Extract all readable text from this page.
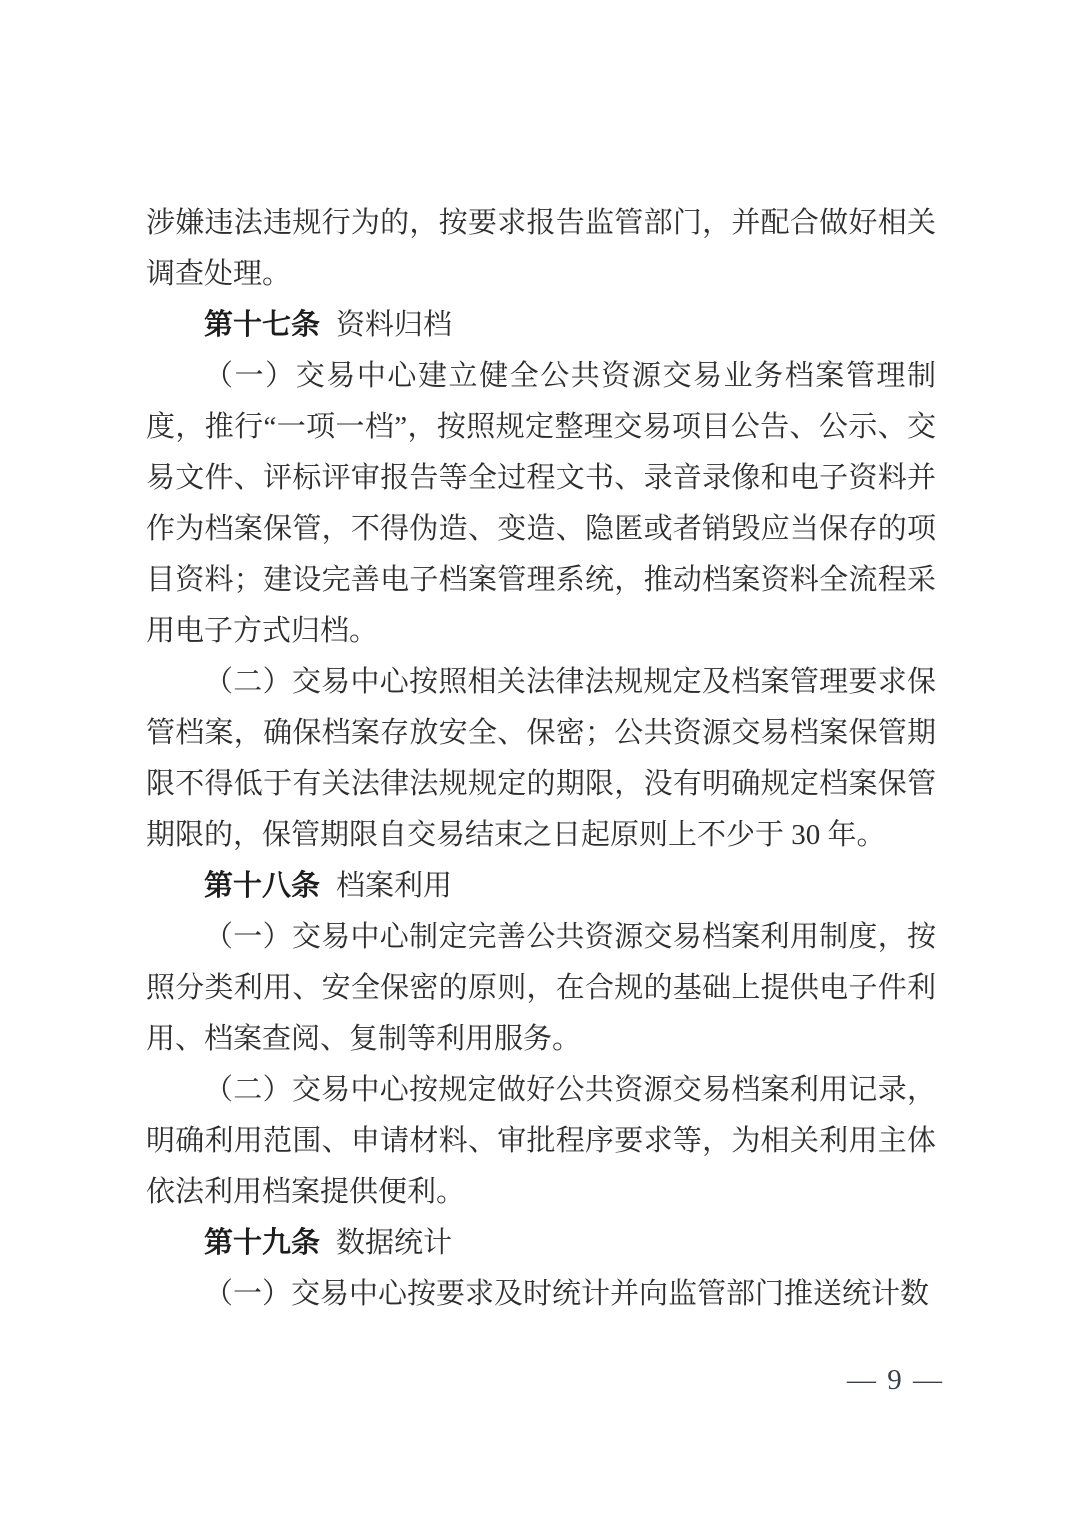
涉嫌违法违规行为的，按要求报告监管部门，并配合做好相关调查处理。

第十七条 资料归档

（一）交易中心建立健全公共资源交易业务档案管理制度，推行“一项一档”，按照规定整理交易项目公告、公示、交易文件、评标评审报告等全过程文书、录音录像和电子资料并作为档案保管，不得伪造、变造、隐匿或者销毁应当保存的项目资料；建设完善电子档案管理系统，推动档案资料全流程采用电子方式归档。

（二）交易中心按照相关法律法规规定及档案管理要求保管档案，确保档案存放安全、保密；公共资源交易档案保管期限不得低于有关法律法规规定的期限，没有明确规定档案保管期限的，保管期限自交易结束之日起原则上不少于 30 年。

第十八条 档案利用

（一）交易中心制定完善公共资源交易档案利用制度，按照分类利用、安全保密的原则，在合规的基础上提供电子件利用、档案查阅、复制等利用服务。

（二）交易中心按规定做好公共资源交易档案利用记录，明确利用范围、申请材料、审批程序要求等，为相关利用主体依法利用档案提供便利。

第十九条 数据统计

（一）交易中心按要求及时统计并向监管部门推送统计数

— 9 —
